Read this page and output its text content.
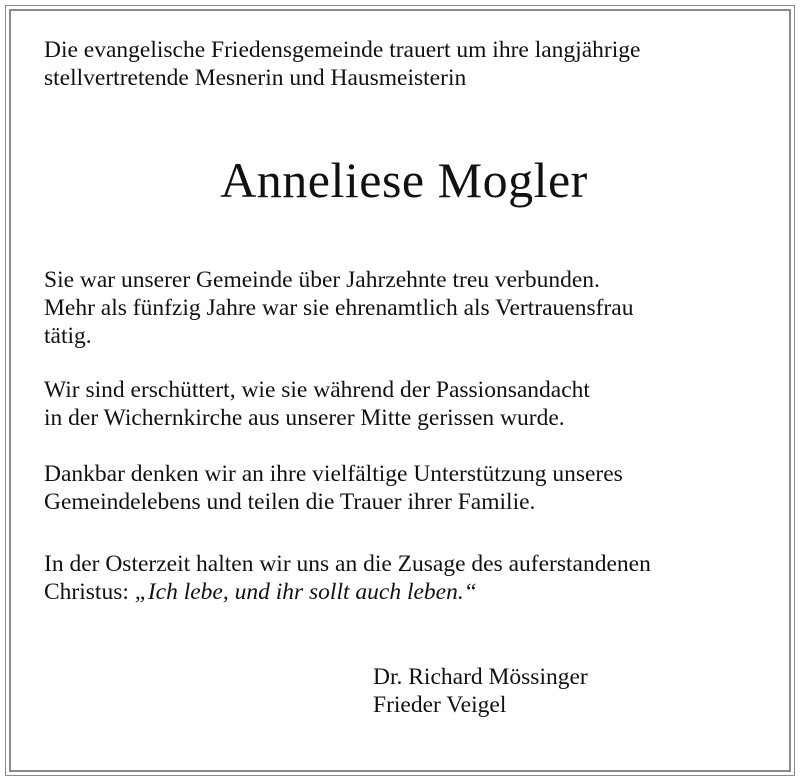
Die evangelische Friedensgemeinde trauert um ihre langjährige
stellvertretende Mesnerin und Hausmeisterin

Anneliese Mogler

Sie war unserer Gemeinde über Jahrzehnte treu verbunden.
Mehr als fünfzig Jahre war sie ehrenamtlich als Vertrauensfrau
tätig.

Wir sind erschüttert, wie sie während der Passionsandacht
in der Wichernkirche aus unserer Mitte gerissen wurde.

Dankbar denken wir an ihre vielfältige Unterstützung unseres
Gemeindelebens und teilen die Trauer ihrer Familie.

In der Osterzeit halten wir uns an die Zusage des auferstandenen
Christus: „Ich lebe, und ihr sollt auch leben.“

Dr. Richard Mössinger
Frieder Veigel
